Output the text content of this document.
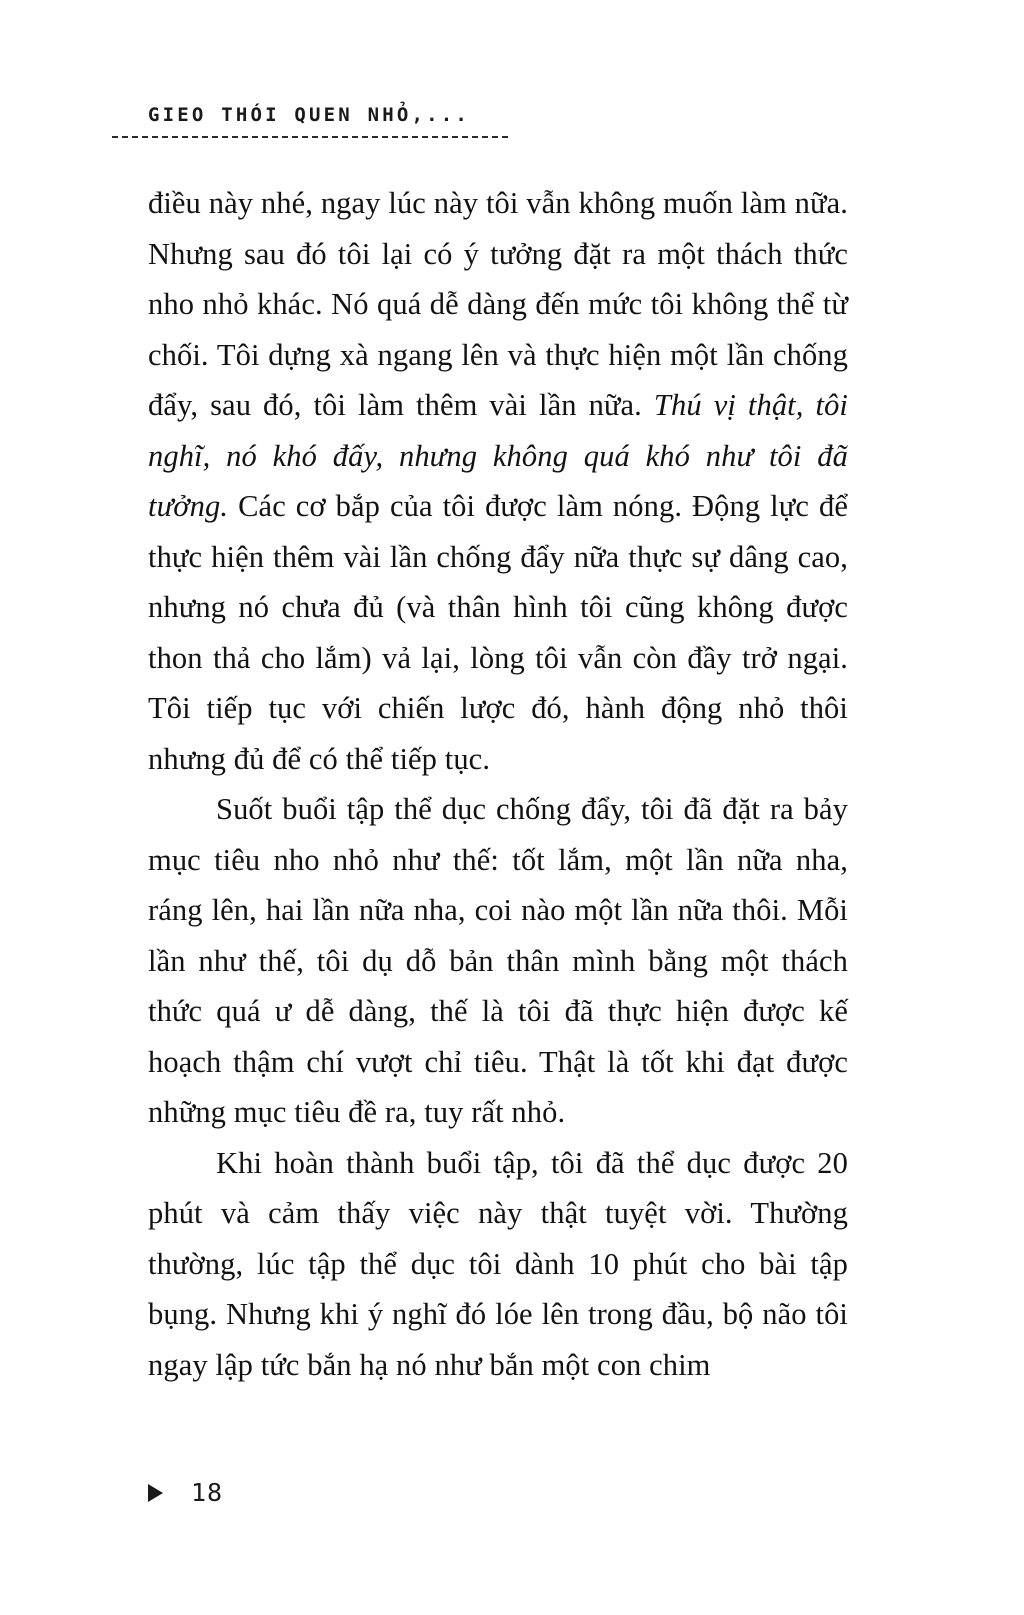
GIEO THÓI QUEN NHỎ,...

điều này nhé, ngay lúc này tôi vẫn không muốn làm nữa. Nhưng sau đó tôi lại có ý tưởng đặt ra một thách thức nho nhỏ khác. Nó quá dễ dàng đến mức tôi không thể từ chối. Tôi dựng xà ngang lên và thực hiện một lần chống đẩy, sau đó, tôi làm thêm vài lần nữa. Thú vị thật, tôi nghĩ, nó khó đấy, nhưng không quá khó như tôi đã tưởng. Các cơ bắp của tôi được làm nóng. Động lực để thực hiện thêm vài lần chống đẩy nữa thực sự dâng cao, nhưng nó chưa đủ (và thân hình tôi cũng không được thon thả cho lắm) vả lại, lòng tôi vẫn còn đầy trở ngại. Tôi tiếp tục với chiến lược đó, hành động nhỏ thôi nhưng đủ để có thể tiếp tục.

Suốt buổi tập thể dục chống đẩy, tôi đã đặt ra bảy mục tiêu nho nhỏ như thế: tốt lắm, một lần nữa nha, ráng lên, hai lần nữa nha, coi nào một lần nữa thôi. Mỗi lần như thế, tôi dụ dỗ bản thân mình bằng một thách thức quá ư dễ dàng, thế là tôi đã thực hiện được kế hoạch thậm chí vượt chỉ tiêu. Thật là tốt khi đạt được những mục tiêu đề ra, tuy rất nhỏ.

Khi hoàn thành buổi tập, tôi đã thể dục được 20 phút và cảm thấy việc này thật tuyệt vời. Thường thường, lúc tập thể dục tôi dành 10 phút cho bài tập bụng. Nhưng khi ý nghĩ đó lóe lên trong đầu, bộ não tôi ngay lập tức bắn hạ nó như bắn một con chim

18
